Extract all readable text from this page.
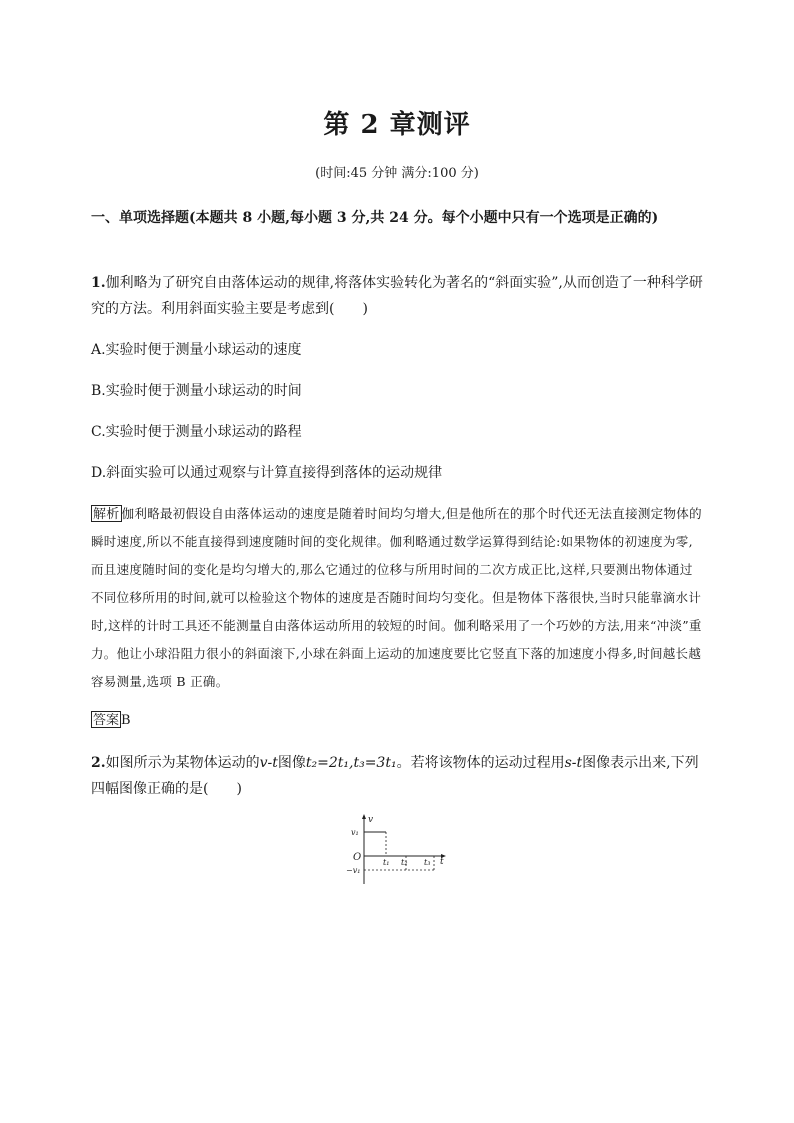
第 2 章测评
(时间:45 分钟 满分:100 分)
一、单项选择题(本题共 8 小题,每小题 3 分,共 24 分。每个小题中只有一个选项是正确的)
1.伽利略为了研究自由落体运动的规律,将落体实验转化为著名的“斜面实验”,从而创造了一种科学研究的方法。利用斜面实验主要是考虑到(　　)
A.实验时便于测量小球运动的速度
B.实验时便于测量小球运动的时间
C.实验时便于测量小球运动的路程
D.斜面实验可以通过观察与计算直接得到落体的运动规律
解析 伽利略最初假设自由落体运动的速度是随着时间均匀增大,但是他所在的那个时代还无法直接测定物体的瞬时速度,所以不能直接得到速度随时间的变化规律。伽利略通过数学运算得到结论:如果物体的初速度为零,而且速度随时间的变化是均匀增大的,那么它通过的位移与所用时间的二次方成正比,这样,只要测出物体通过不同位移所用的时间,就可以检验这个物体的速度是否随时间均匀变化。但是物体下落很快,当时只能靠滴水计时,这样的计时工具还不能测量自由落体运动所用的较短的时间。伽利略采用了一个巧妙的方法,用来“冲淡”重力。他让小球沿阻力很小的斜面滚下,小球在斜面上运动的加速度要比它竖直下落的加速度小得多,时间越长越容易测量,选项 B 正确。
答案 B
2.如图所示为某物体运动的v-t图像t₂=2t₁,t₃=3t₁。若将该物体的运动过程用s-t图像表示出来,下列四幅图像正确的是(　　)
v
t
O
v₁
−v₁
t₁ t₂ t₃
